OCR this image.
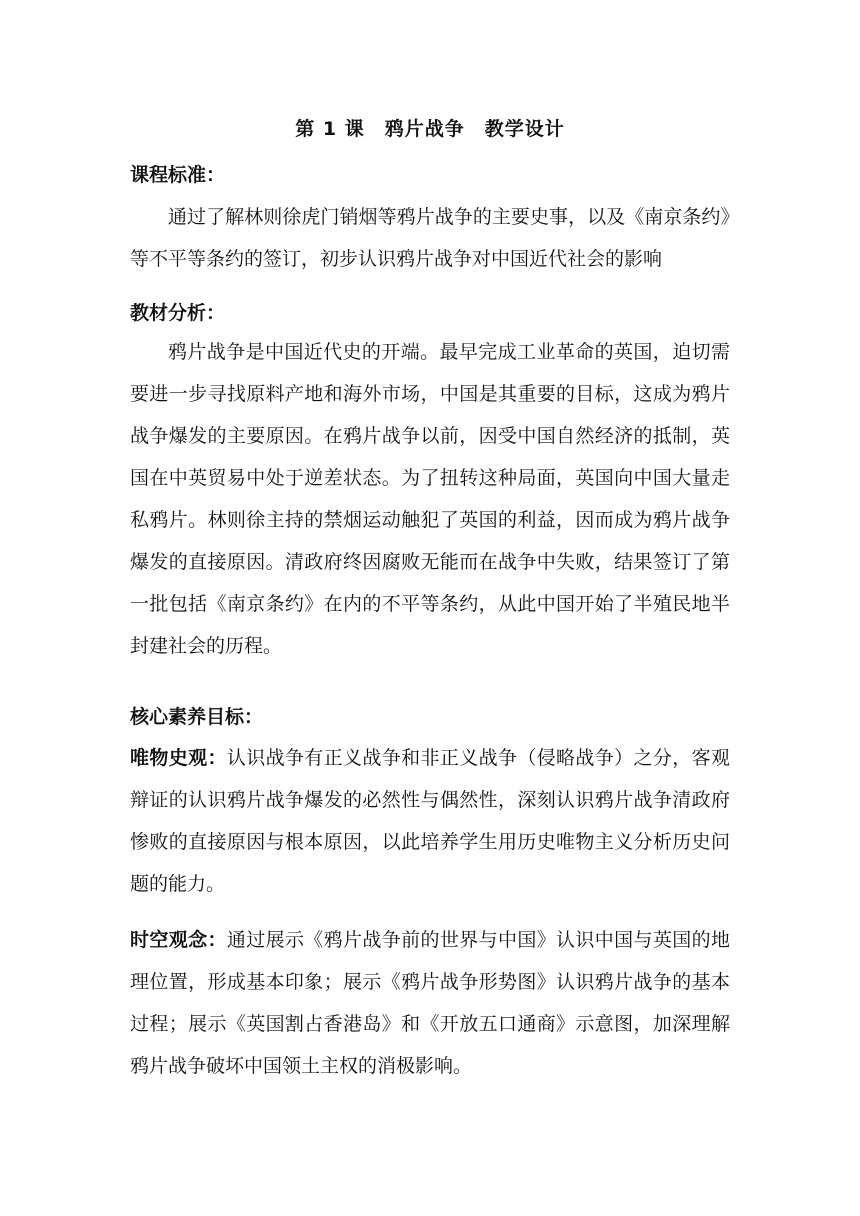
第 1 课　鸦片战争　教学设计
课程标准：

通过了解林则徐虎门销烟等鸦片战争的主要史事，以及《南京条约》等不平等条约的签订，初步认识鸦片战争对中国近代社会的影响

教材分析：

鸦片战争是中国近代史的开端。最早完成工业革命的英国，迫切需要进一步寻找原料产地和海外市场，中国是其重要的目标，这成为鸦片战争爆发的主要原因。在鸦片战争以前，因受中国自然经济的抵制，英国在中英贸易中处于逆差状态。为了扭转这种局面，英国向中国大量走私鸦片。林则徐主持的禁烟运动触犯了英国的利益，因而成为鸦片战争爆发的直接原因。清政府终因腐败无能而在战争中失败，结果签订了第一批包括《南京条约》在内的不平等条约，从此中国开始了半殖民地半封建社会的历程。

核心素养目标：

唯物史观：认识战争有正义战争和非正义战争（侵略战争）之分，客观辩证的认识鸦片战争爆发的必然性与偶然性，深刻认识鸦片战争清政府惨败的直接原因与根本原因，以此培养学生用历史唯物主义分析历史问题的能力。

时空观念：通过展示《鸦片战争前的世界与中国》认识中国与英国的地理位置，形成基本印象；展示《鸦片战争形势图》认识鸦片战争的基本过程；展示《英国割占香港岛》和《开放五口通商》示意图，加深理解鸦片战争破坏中国领土主权的消极影响。
